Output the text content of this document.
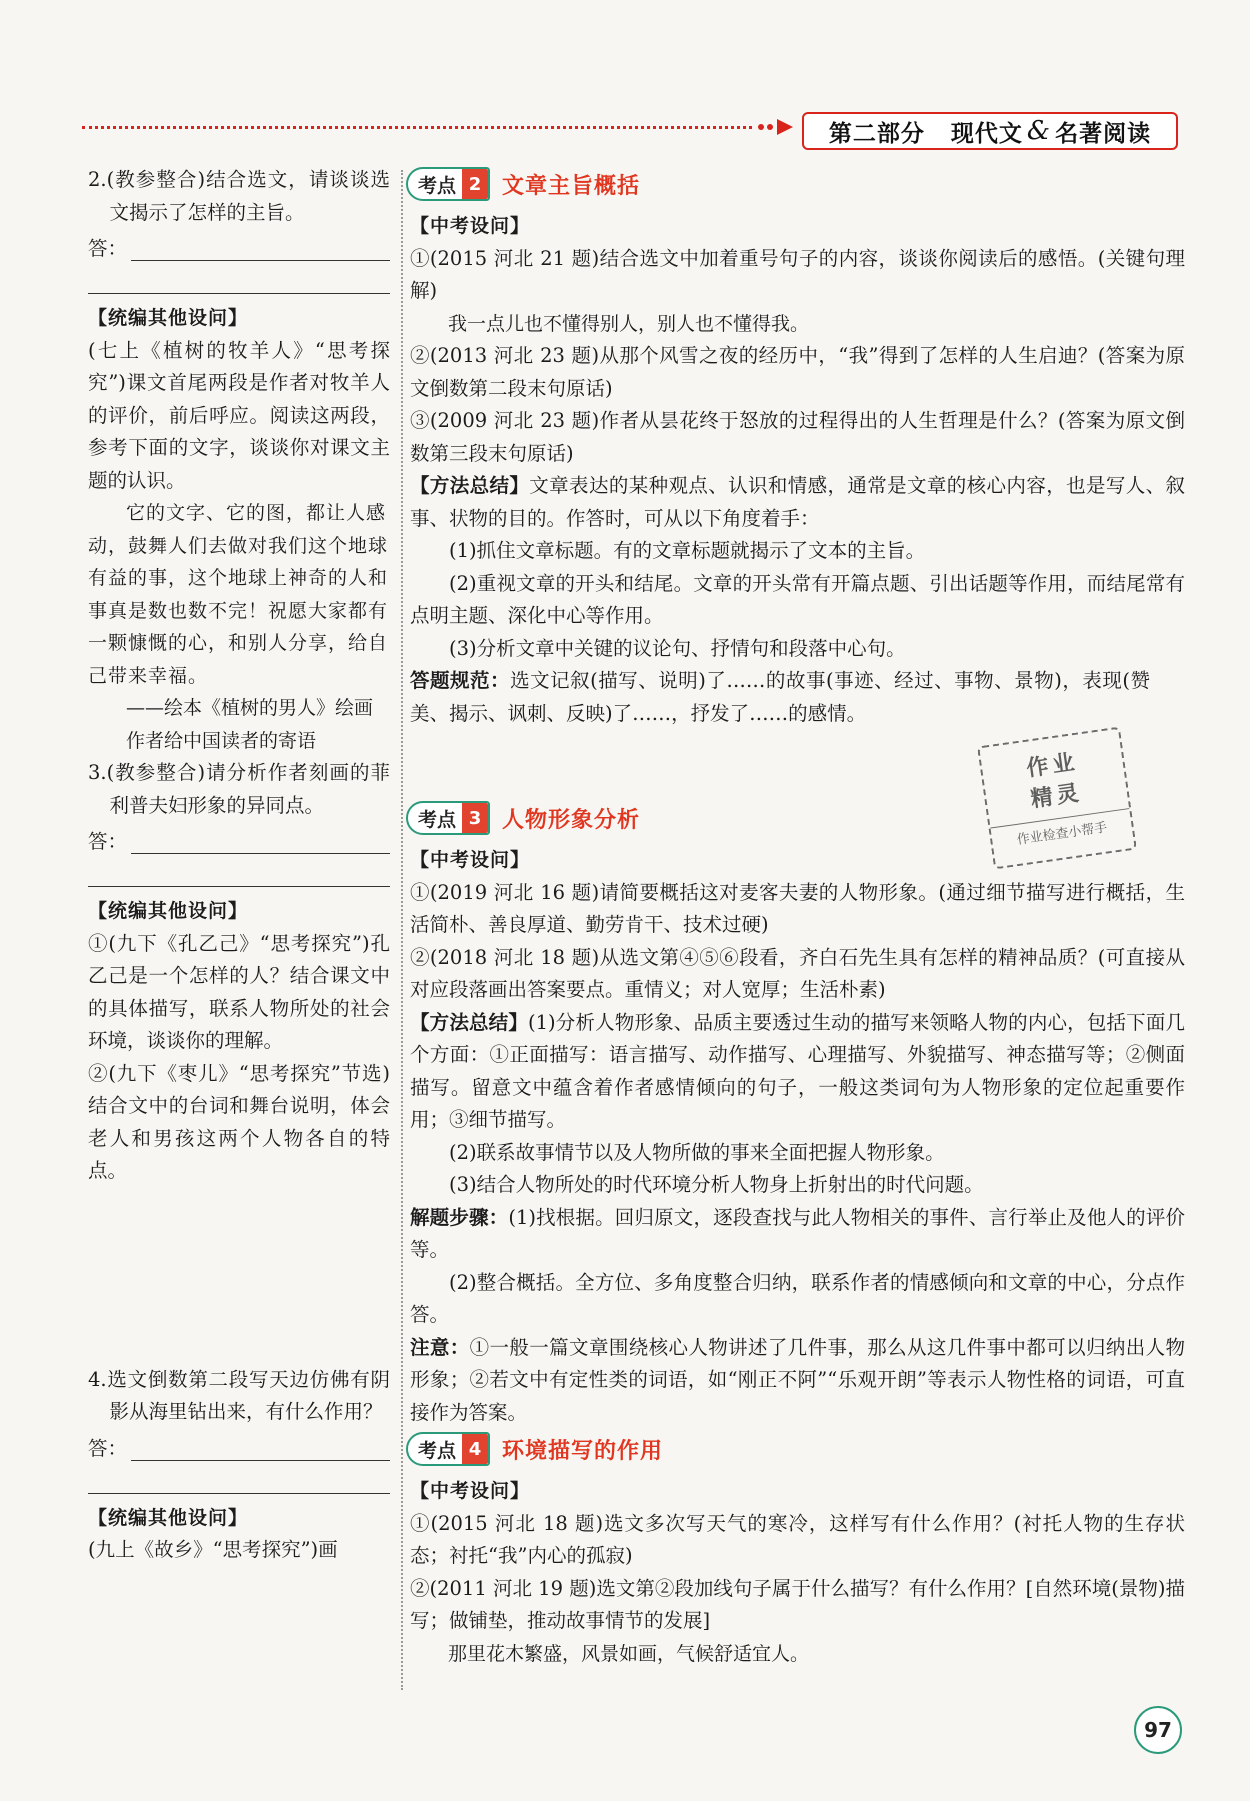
第二部分 现代文 & 名著阅读

2.(教参整合)结合选文，请谈谈选文揭示了怎样的主旨。

答：
【统编其他设问】

(七上《植树的牧羊人》“思考探究”)课文首尾两段是作者对牧羊人的评价，前后呼应。阅读这两段，参考下面的文字，谈谈你对课文主题的认识。

它的文字、它的图，都让人感动，鼓舞人们去做对我们这个地球有益的事，这个地球上神奇的人和事真是数也数不完！祝愿大家都有一颗慷慨的心，和别人分享，给自己带来幸福。

——绘本《植树的男人》绘画作者给中国读者的寄语

3.(教参整合)请分析作者刻画的菲利普夫妇形象的异同点。

答：
【统编其他设问】

①(九下《孔乙己》“思考探究”)孔乙己是一个怎样的人？结合课文中的具体描写，联系人物所处的社会环境，谈谈你的理解。

②(九下《枣儿》“思考探究”节选)结合文中的台词和舞台说明，体会老人和男孩这两个人物各自的特点。

4.选文倒数第二段写天边仿佛有阴影从海里钻出来，有什么作用？

答：
【统编其他设问】

(九上《故乡》“思考探究”)画

考点 2 文章主旨概括
【中考设问】

①(2015 河北 21 题)结合选文中加着重号句子的内容，谈谈你阅读后的感悟。(关键句理解)

我一点儿也不懂得别人，别人也不懂得我。

②(2013 河北 23 题)从那个风雪之夜的经历中，“我”得到了怎样的人生启迪？(答案为原文倒数第二段末句原话)

③(2009 河北 23 题)作者从昙花终于怒放的过程得出的人生哲理是什么？(答案为原文倒数第三段末句原话)

【方法总结】文章表达的某种观点、认识和情感，通常是文章的核心内容，也是写人、叙事、状物的目的。作答时，可从以下角度着手：

(1)抓住文章标题。有的文章标题就揭示了文本的主旨。

(2)重视文章的开头和结尾。文章的开头常有开篇点题、引出话题等作用，而结尾常有点明主题、深化中心等作用。

(3)分析文章中关键的议论句、抒情句和段落中心句。

答题规范：选文记叙(描写、说明)了……的故事(事迹、经过、事物、景物)，表现(赞美、揭示、讽刺、反映)了……，抒发了……的感情。

考点 3 人物形象分析
【中考设问】

①(2019 河北 16 题)请简要概括这对麦客夫妻的人物形象。(通过细节描写进行概括，生活简朴、善良厚道、勤劳肯干、技术过硬)

②(2018 河北 18 题)从选文第④⑤⑥段看，齐白石先生具有怎样的精神品质？(可直接从对应段落画出答案要点。重情义；对人宽厚；生活朴素)

【方法总结】(1)分析人物形象、品质主要透过生动的描写来领略人物的内心，包括下面几个方面：①正面描写：语言描写、动作描写、心理描写、外貌描写、神态描写等；②侧面描写。留意文中蕴含着作者感情倾向的句子，一般这类词句为人物形象的定位起重要作用；③细节描写。

(2)联系故事情节以及人物所做的事来全面把握人物形象。

(3)结合人物所处的时代环境分析人物身上折射出的时代问题。

解题步骤：(1)找根据。回归原文，逐段查找与此人物相关的事件、言行举止及他人的评价等。

(2)整合概括。全方位、多角度整合归纳，联系作者的情感倾向和文章的中心，分点作答。

注意：①一般一篇文章围绕核心人物讲述了几件事，那么从这几件事中都可以归纳出人物形象；②若文中有定性类的词语，如“刚正不阿”“乐观开朗”等表示人物性格的词语，可直接作为答案。

考点 4 环境描写的作用
【中考设问】

①(2015 河北 18 题)选文多次写天气的寒冷，这样写有什么作用？(衬托人物的生存状态；衬托“我”内心的孤寂)

②(2011 河北 19 题)选文第②段加线句子属于什么描写？有什么作用？[自然环境(景物)描写；做铺垫，推动故事情节的发展]

那里花木繁盛，风景如画，气候舒适宜人。

作业
精灵
作业检查小帮手
97
